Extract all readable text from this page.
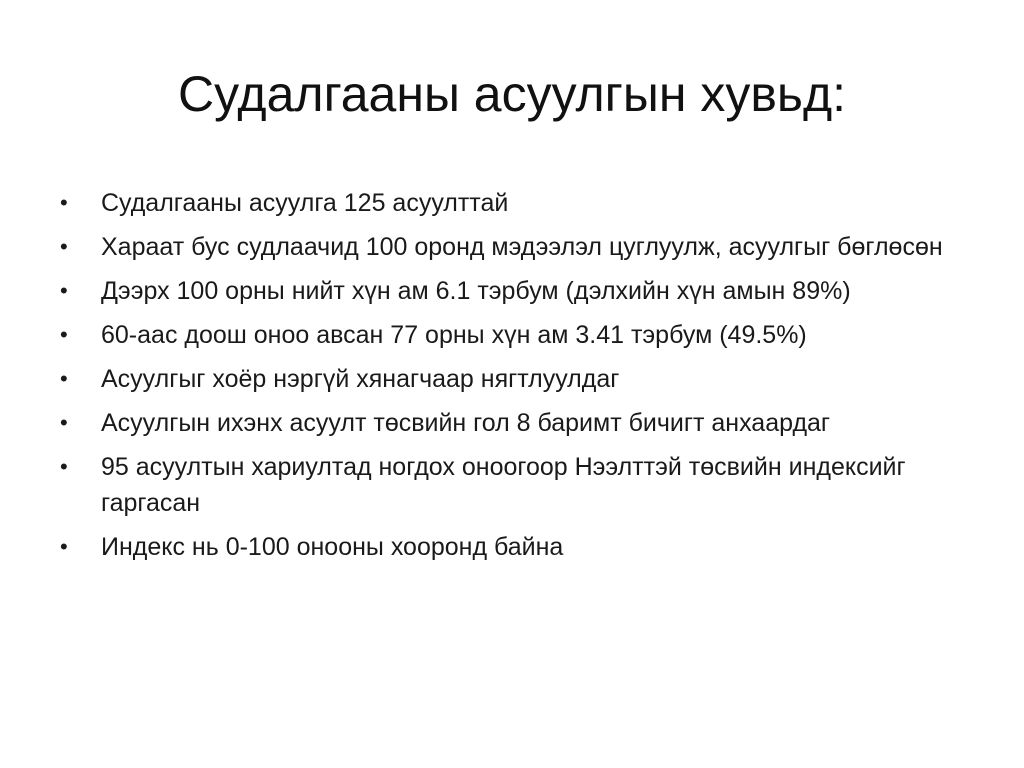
Судалгааны асуулгын хувьд:
• Судалгааны асуулга 125 асуулттай
• Хараат бус судлаачид 100 оронд мэдээлэл цуглуулж, асуулгыг бөглөсөн
• Дээрх 100 орны нийт хүн ам 6.1 тэрбум (дэлхийн хүн амын 89%)
• 60-аас доош оноо авсан 77 орны хүн ам 3.41 тэрбум (49.5%)
• Асуулгыг хоёр нэргүй хянагчаар нягтлуулдаг
• Асуулгын ихэнх асуулт төсвийн гол 8 баримт бичигт анхаардаг
• 95 асуултын хариултад ногдох оноогоор Нээлттэй төсвийн индексийг гаргасан
• Индекс нь 0-100 онооны хооронд байна
